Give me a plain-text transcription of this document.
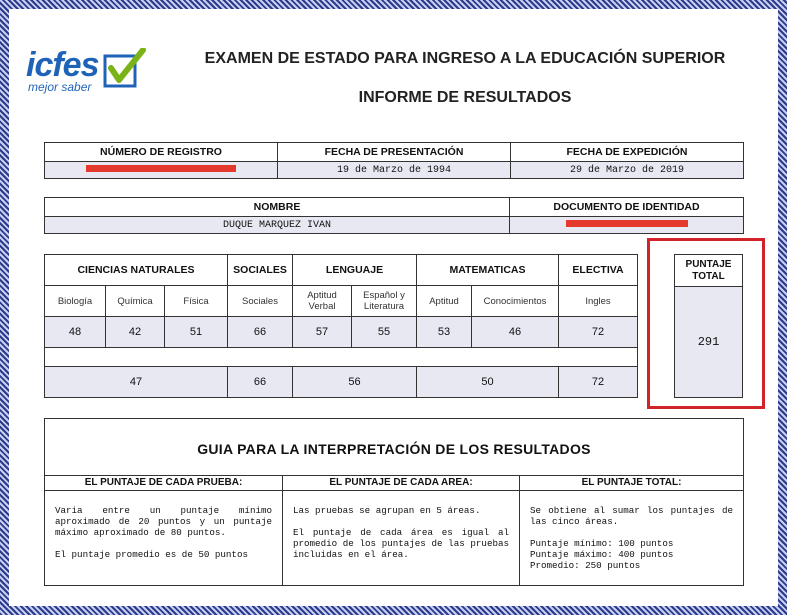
icfes
mejor saber
EXAMEN DE ESTADO PARA INGRESO A LA EDUCACIÓN SUPERIOR
INFORME DE RESULTADOS
NÚMERO DE REGISTRO	FECHA DE PRESENTACIÓN	FECHA DE EXPEDICIÓN
	19 de Marzo de 1994	29 de Marzo de 2019
NOMBRE	DOCUMENTO DE IDENTIDAD
DUQUE MARQUEZ IVAN	
CIENCIAS NATURALES			SOCIALES	LENGUAJE		MATEMATICAS		ELECTIVA
Biología	Química	Física	Sociales	Aptitud Verbal	Español y Literatura	Aptitud	Conocimientos	Ingles
48	42	51	66	57	55	53	46	72

47			66	56		50		72
PUNTAJE TOTAL
291
GUIA PARA LA INTERPRETACIÓN DE LOS RESULTADOS
EL PUNTAJE DE CADA PRUEBA:

Varia entre un puntaje mínimo aproximado de 20 puntos y un puntaje máximo aproximado de 80 puntos.

El puntaje promedio es de 50 puntos

EL PUNTAJE DE CADA AREA:

Las pruebas se agrupan en 5 áreas.

El puntaje de cada área es igual al promedio de los puntajes de las pruebas incluidas en el área.

EL PUNTAJE TOTAL:

Se obtiene al sumar los puntajes de las cinco áreas.

Puntaje mínimo: 100 puntos
Puntaje máximo: 400 puntos
Promedio: 250 puntos
